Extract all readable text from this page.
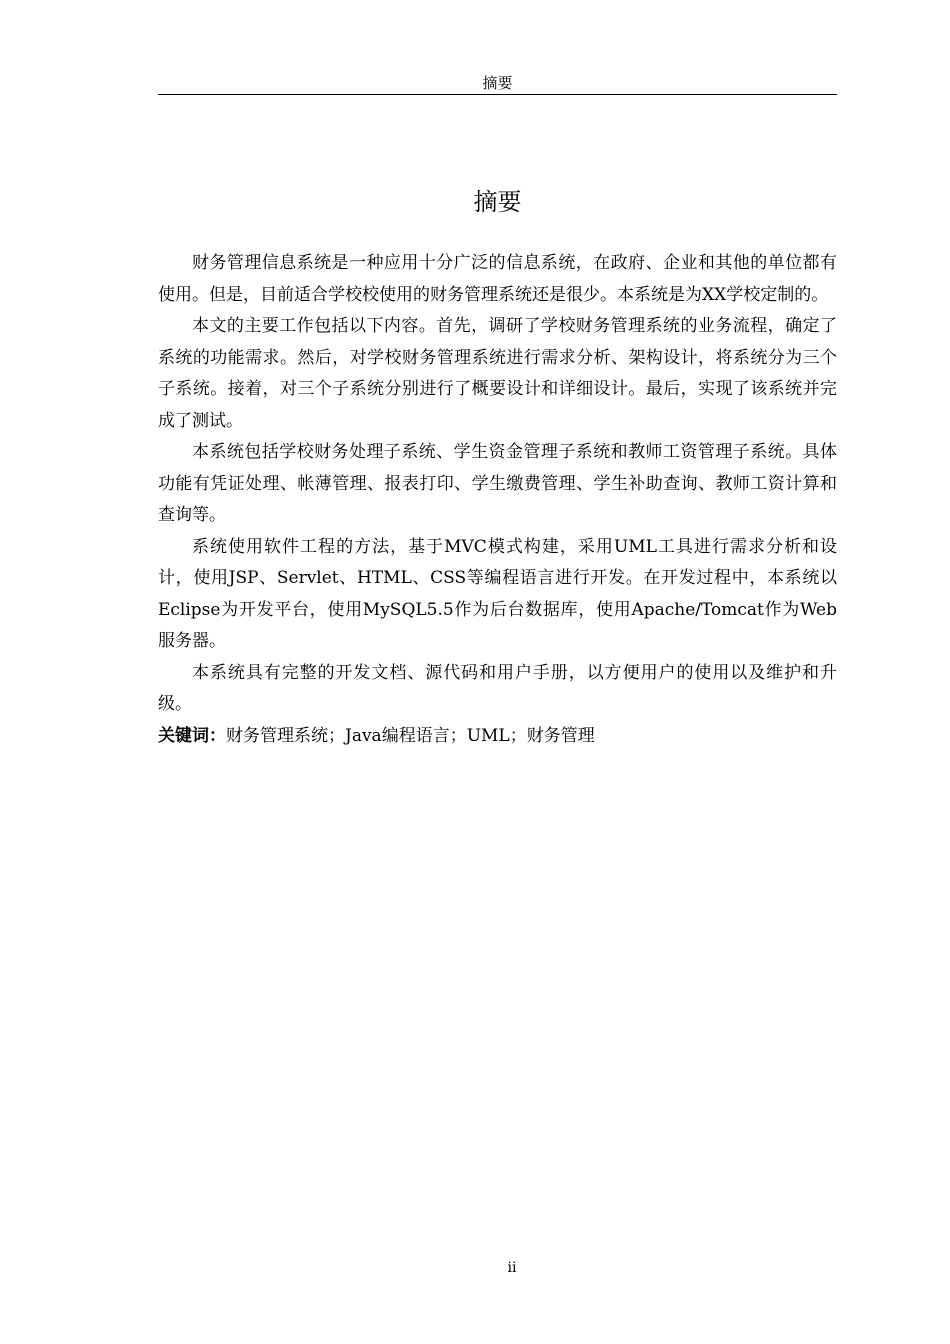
摘要
摘要

财务管理信息系统是一种应用十分广泛的信息系统，在政府、企业和其他的单位都有使用。但是，目前适合学校校使用的财务管理系统还是很少。本系统是为XX学校定制的。

本文的主要工作包括以下内容。首先，调研了学校财务管理系统的业务流程，确定了系统的功能需求。然后，对学校财务管理系统进行需求分析、架构设计，将系统分为三个子系统。接着，对三个子系统分别进行了概要设计和详细设计。最后，实现了该系统并完成了测试。

本系统包括学校财务处理子系统、学生资金管理子系统和教师工资管理子系统。具体功能有凭证处理、帐薄管理、报表打印、学生缴费管理、学生补助查询、教师工资计算和查询等。

系统使用软件工程的方法，基于MVC模式构建，采用UML工具进行需求分析和设计，使用JSP、Servlet、HTML、CSS等编程语言进行开发。在开发过程中，本系统以Eclipse为开发平台，使用MySQL5.5作为后台数据库，使用Apache/Tomcat作为Web服务器。

本系统具有完整的开发文档、源代码和用户手册，以方便用户的使用以及维护和升级。

关键词：财务管理系统；Java编程语言；UML；财务管理

ii
